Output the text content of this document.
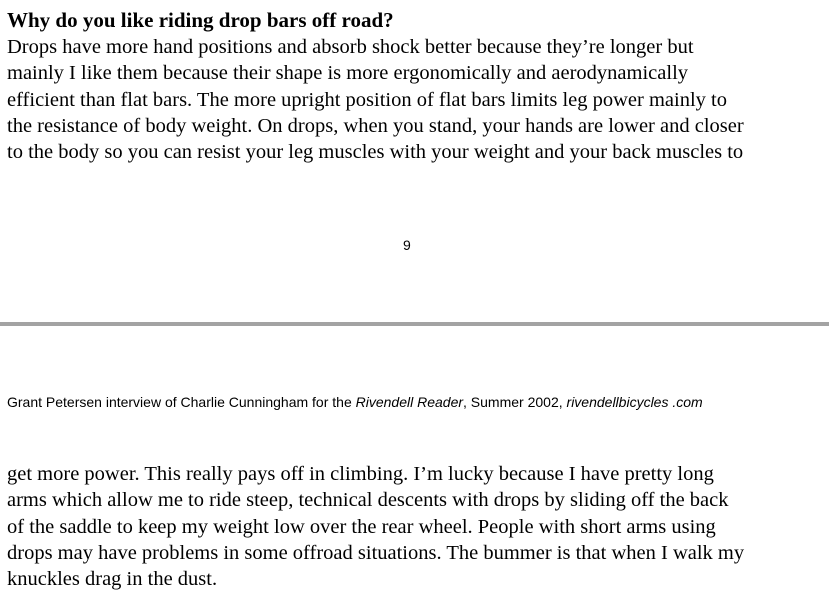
Why do you like riding drop bars off road?

Drops have more hand positions and absorb shock better because they’re longer but
mainly I like them because their shape is more ergonomically and aerodynamically
efficient than flat bars. The more upright position of flat bars limits leg power mainly to
the resistance of body weight. On drops, when you stand, your hands are lower and closer
to the body so you can resist your leg muscles with your weight and your back muscles to

9
Grant Petersen interview of Charlie Cunningham for the Rivendell Reader, Summer 2002, rivendellbicycles .com

get more power. This really pays off in climbing. I’m lucky because I have pretty long
arms which allow me to ride steep, technical descents with drops by sliding off the back
of the saddle to keep my weight low over the rear wheel. People with short arms using
drops may have problems in some offroad situations. The bummer is that when I walk my
knuckles drag in the dust.
